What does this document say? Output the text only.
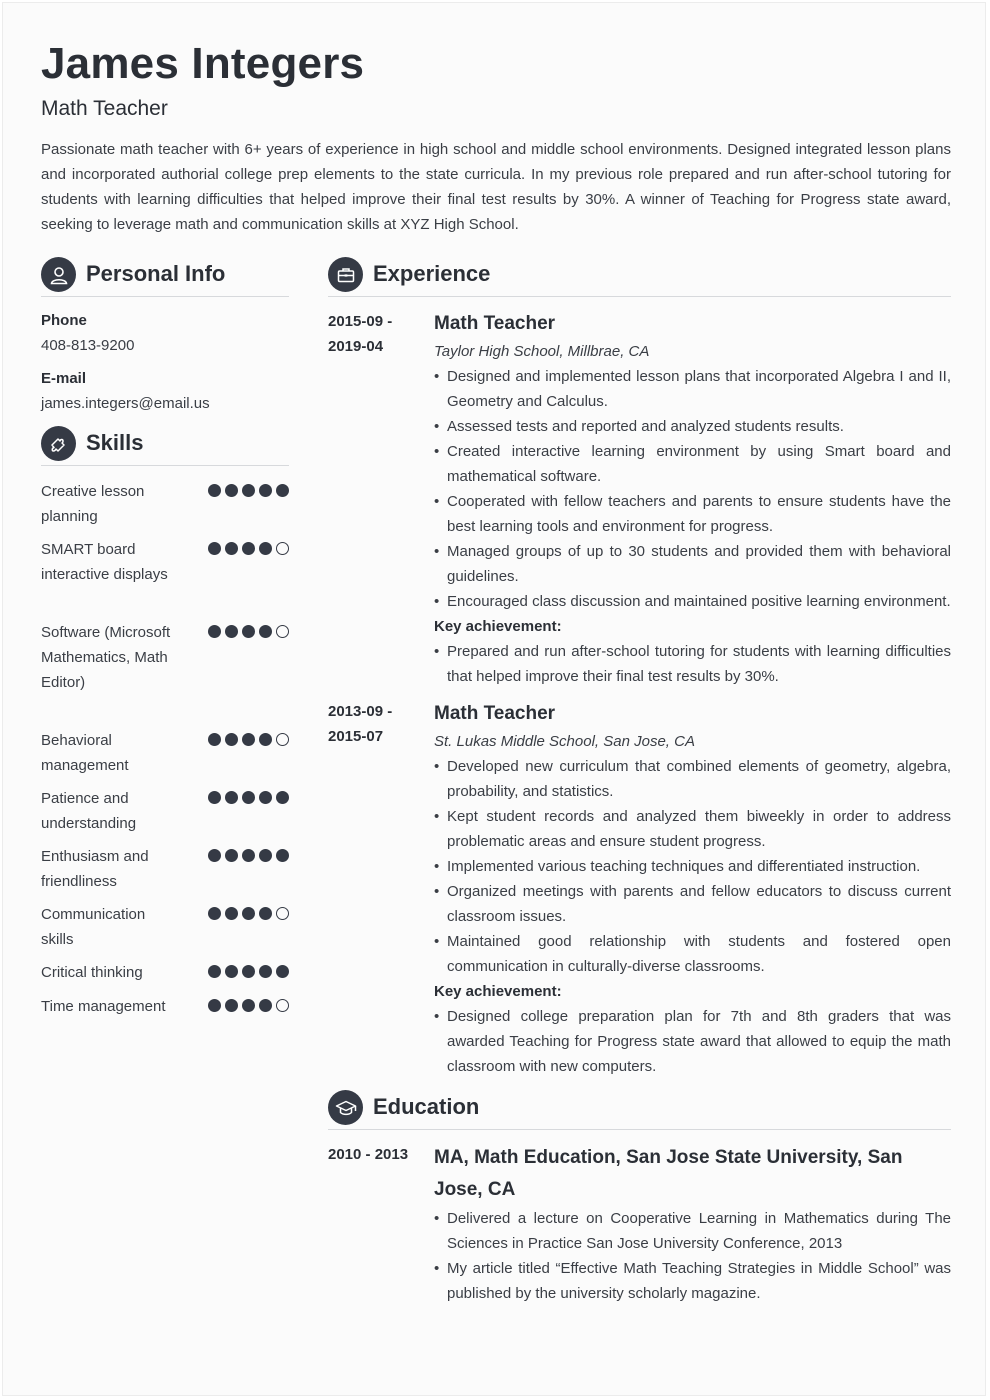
James Integers
Math Teacher
Passionate math teacher with 6+ years of experience in high school and middle school environments. Designed integrated lesson plans and incorporated authorial college prep elements to the state curricula. In my previous role prepared and run after-school tutoring for students with learning difficulties that helped improve their final test results by 30%. A winner of Teaching for Progress state award, seeking to leverage math and communication skills at XYZ High School.
Personal Info
Phone
408-813-9200
E-mail
james.integers@email.us
Skills
Creative lesson planning
SMART board interactive displays
Software (Microsoft Mathematics, Math Editor)
Behavioral management
Patience and understanding
Enthusiasm and friendliness
Communication skills
Critical thinking
Time management
Experience
2015-09 - 2019-04
Math Teacher
Taylor High School, Millbrae, CA
• Designed and implemented lesson plans that incorporated Algebra I and II, Geometry and Calculus.
• Assessed tests and reported and analyzed students results.
• Created interactive learning environment by using Smart board and mathematical software.
• Cooperated with fellow teachers and parents to ensure students have the best learning tools and environment for progress.
• Managed groups of up to 30 students and provided them with behavioral guidelines.
• Encouraged class discussion and maintained positive learning environment.
Key achievement:
• Prepared and run after-school tutoring for students with learning difficulties that helped improve their final test results by 30%.
2013-09 - 2015-07
Math Teacher
St. Lukas Middle School, San Jose, CA
• Developed new curriculum that combined elements of geometry, algebra, probability, and statistics.
• Kept student records and analyzed them biweekly in order to address problematic areas and ensure student progress.
• Implemented various teaching techniques and differentiated instruction.
• Organized meetings with parents and fellow educators to discuss current classroom issues.
• Maintained good relationship with students and fostered open communication in culturally-diverse classrooms.
Key achievement:
• Designed college preparation plan for 7th and 8th graders that was awarded Teaching for Progress state award that allowed to equip the math classroom with new computers.
Education
2010 - 2013	MA, Math Education, San Jose State University, San Jose, CA
• Delivered a lecture on Cooperative Learning in Mathematics during The Sciences in Practice San Jose University Conference, 2013
• My article titled “Effective Math Teaching Strategies in Middle School” was published by the university scholarly magazine.
